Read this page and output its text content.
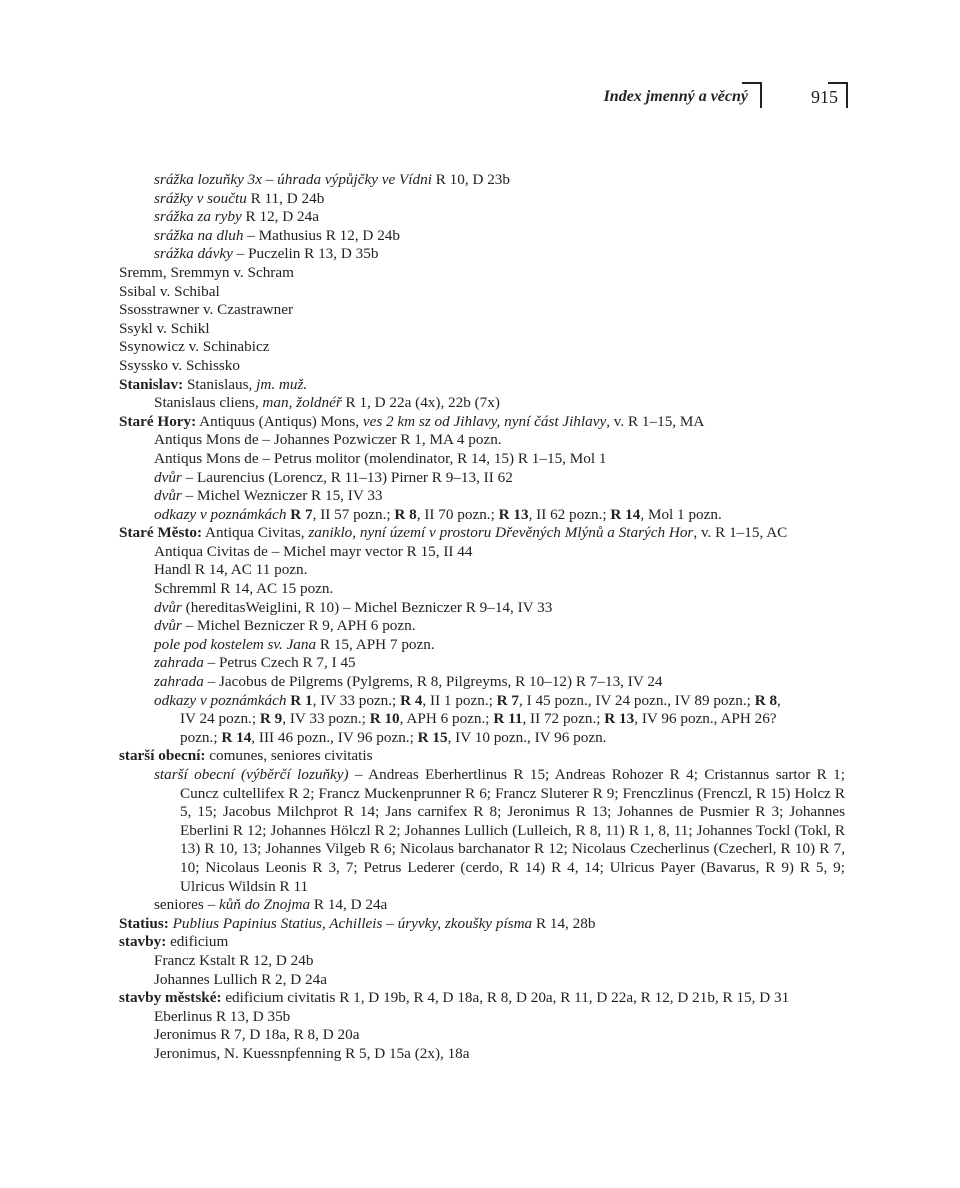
Index jmenný a věcný	915
srážka lozuňky 3x – úhrada výpůjčky ve Vídni R 10, D 23b
srážky v součtu R 11, D 24b
srážka za ryby R 12, D 24a
srážka na dluh – Mathusius R 12, D 24b
srážka dávky – Puczelin R 13, D 35b
Sremm, Sremmyn v. Schram
Ssibal v. Schibal
Ssosstrawner v. Czastrawner
Ssykl v. Schikl
Ssynowicz v. Schinabicz
Ssyssko v. Schissko
Stanislav: Stanislaus, jm. muž.
Stanislaus cliens, man, žoldnéř R 1, D 22a (4x), 22b (7x)
Staré Hory: Antiquus (Antiqus) Mons, ves 2 km sz od Jihlavy, nyní část Jihlavy, v. R 1–15, MA
Antiqus Mons de – Johannes Pozwiczer R 1, MA 4 pozn.
Antiqus Mons de – Petrus molitor (molendinator, R 14, 15) R 1–15, Mol 1
dvůr – Laurencius (Lorencz, R 11–13) Pirner R 9–13, II 62
dvůr – Michel Wezniczer R 15, IV 33
odkazy v poznámkách R 7, II 57 pozn.; R 8, II 70 pozn.; R 13, II 62 pozn.; R 14, Mol 1 pozn.
Staré Město: Antiqua Civitas, zaniklo, nyní území v prostoru Dřevěných Mlýnů a Starých Hor, v. R 1–15, AC
Antiqua Civitas de – Michel mayr vector R 15, II 44
Handl R 14, AC 11 pozn.
Schremml R 14, AC 15 pozn.
dvůr (hereditasWeiglini, R 10) – Michel Bezniczer R 9–14, IV 33
dvůr – Michel Bezniczer R 9, APH 6 pozn.
pole pod kostelem sv. Jana R 15, APH 7 pozn.
zahrada – Petrus Czech R 7, I 45
zahrada – Jacobus de Pilgrems (Pylgrems, R 8, Pilgreyms, R 10–12) R 7–13, IV 24
odkazy v poznámkách R 1, IV 33 pozn.; R 4, II 1 pozn.; R 7, I 45 pozn., IV 24 pozn., IV 89 pozn.; R 8,
IV 24 pozn.; R 9, IV 33 pozn.; R 10, APH 6 pozn.; R 11, II 72 pozn.; R 13, IV 96 pozn., APH 26?
pozn.; R 14, III 46 pozn., IV 96 pozn.; R 15, IV 10 pozn., IV 96 pozn.
starší obecní: comunes, seniores civitatis
starší obecní (výběrčí lozuňky) – Andreas Eberhertlinus R 15; Andreas Rohozer R 4; Cristannus sartor R 1; Cuncz cultellifex R 2; Francz Muckenprunner R 6; Francz Sluterer R 9; Frenczlinus (Frenczl, R 15) Holcz R 5, 15; Jacobus Milchprot R 14; Jans carnifex R 8; Jeronimus R 13; Johannes de Pusmier R 3; Johannes Eberlini R 12; Johannes Hölczl R 2; Johannes Lullich (Lulleich, R 8, 11) R 1, 8, 11; Johannes Tockl (Tokl, R 13) R 10, 13; Johannes Vilgeb R 6; Nicolaus barchanator R 12; Nicolaus Czecherlinus (Czecherl, R 10) R 7, 10; Nicolaus Leonis R 3, 7; Petrus Lederer (cerdo, R 14) R 4, 14; Ulricus Payer (Bavarus, R 9) R 5, 9; Ulricus Wildsin R 11
seniores – kůň do Znojma R 14, D 24a
Statius: Publius Papinius Statius, Achilleis – úryvky, zkoušky písma R 14, 28b
stavby: edificium
Francz Kstalt R 12, D 24b
Johannes Lullich R 2, D 24a
stavby městské: edificium civitatis R 1, D 19b, R 4, D 18a, R 8, D 20a, R 11, D 22a, R 12, D 21b, R 15, D 31
Eberlinus R 13, D 35b
Jeronimus R 7, D 18a, R 8, D 20a
Jeronimus, N. Kuessnpfenning R 5, D 15a (2x), 18a
